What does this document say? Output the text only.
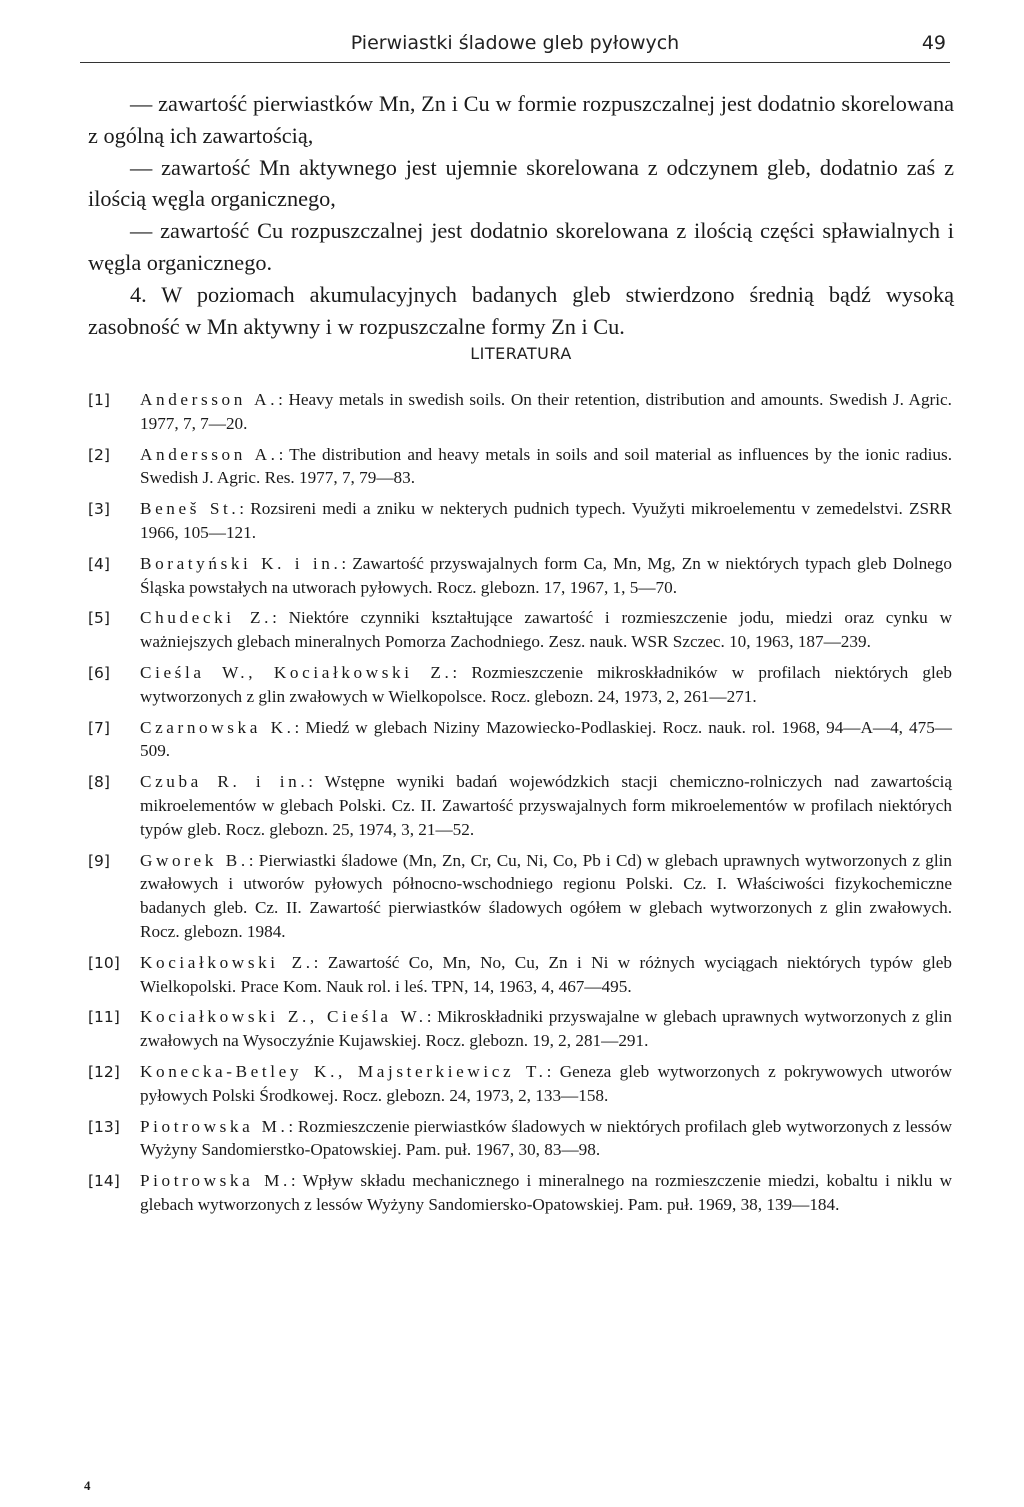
Pierwiastki śladowe gleb pyłowych	49

— zawartość pierwiastków Mn, Zn i Cu w formie rozpuszczalnej jest dodatnio skorelowana z ogólną ich zawartością,

— zawartość Mn aktywnego jest ujemnie skorelowana z odczynem gleb, dodatnio zaś z ilością węgla organicznego,

— zawartość Cu rozpuszczalnej jest dodatnio skorelowana z ilością części spławialnych i węgla organicznego.

4. W poziomach akumulacyjnych badanych gleb stwierdzono średnią bądź wysoką zasobność w Mn aktywny i w rozpuszczalne formy Zn i Cu.

LITERATURA
[1]	Andersson A.: Heavy metals in swedish soils. On their retention, distribution and amounts. Swedish J. Agric. 1977, 7, 7—20.
[2]	Andersson A.: The distribution and heavy metals in soils and soil material as influences by the ionic radius. Swedish J. Agric. Res. 1977, 7, 79—83.
[3]	Beneš St.: Rozsireni medi a zniku w nekterych pudnich typech. Využyti mikroelementu v zemedelstvi. ZSRR 1966, 105—121.
[4]	Boratyński K. i in.: Zawartość przyswajalnych form Ca, Mn, Mg, Zn w niektórych typach gleb Dolnego Śląska powstałych na utworach pyłowych. Rocz. glebozn. 17, 1967, 1, 5—70.
[5]	Chudecki Z.: Niektóre czynniki kształtujące zawartość i rozmieszczenie jodu, miedzi oraz cynku w ważniejszych glebach mineralnych Pomorza Zachodniego. Zesz. nauk. WSR Szczec. 10, 1963, 187—239.
[6]	Cieśla W., Kociałkowski Z.: Rozmieszczenie mikroskładników w profilach niektórych gleb wytworzonych z glin zwałowych w Wielkopolsce. Rocz. glebozn. 24, 1973, 2, 261—271.
[7]	Czarnowska K.: Miedź w glebach Niziny Mazowiecko-Podlaskiej. Rocz. nauk. rol. 1968, 94—A—4, 475—509.
[8]	Czuba R. i in.: Wstępne wyniki badań wojewódzkich stacji chemiczno-rolniczych nad zawartością mikroelementów w glebach Polski. Cz. II. Zawartość przyswajalnych form mikroelementów w profilach niektórych typów gleb. Rocz. glebozn. 25, 1974, 3, 21—52.
[9]	Gworek B.: Pierwiastki śladowe (Mn, Zn, Cr, Cu, Ni, Co, Pb i Cd) w glebach uprawnych wytworzonych z glin zwałowych i utworów pyłowych północno-wschodniego regionu Polski. Cz. I. Właściwości fizykochemiczne badanych gleb. Cz. II. Zawartość pierwiastków śladowych ogółem w glebach wytworzonych z glin zwałowych. Rocz. glebozn. 1984.
[10]	Kociałkowski Z.: Zawartość Co, Mn, No, Cu, Zn i Ni w różnych wyciągach niektórych typów gleb Wielkopolski. Prace Kom. Nauk rol. i leś. TPN, 14, 1963, 4, 467—495.
[11]	Kociałkowski Z., Cieśla W.: Mikroskładniki przyswajalne w glebach uprawnych wytworzonych z glin zwałowych na Wysoczyźnie Kujawskiej. Rocz. glebozn. 19, 2, 281—291.
[12]	Konecka-Betley K., Majsterkiewicz T.: Geneza gleb wytworzonych z pokrywowych utworów pyłowych Polski Środkowej. Rocz. glebozn. 24, 1973, 2, 133—158.
[13]	Piotrowska M.: Rozmieszczenie pierwiastków śladowych w niektórych profilach gleb wytworzonych z lessów Wyżyny Sandomierstko-Opatowskiej. Pam. puł. 1967, 30, 83—98.
[14]	Piotrowska M.: Wpływ składu mechanicznego i mineralnego na rozmieszczenie miedzi, kobaltu i niklu w glebach wytworzonych z lessów Wyżyny Sandomiersko-Opatowskiej. Pam. puł. 1969, 38, 139—184.
4
